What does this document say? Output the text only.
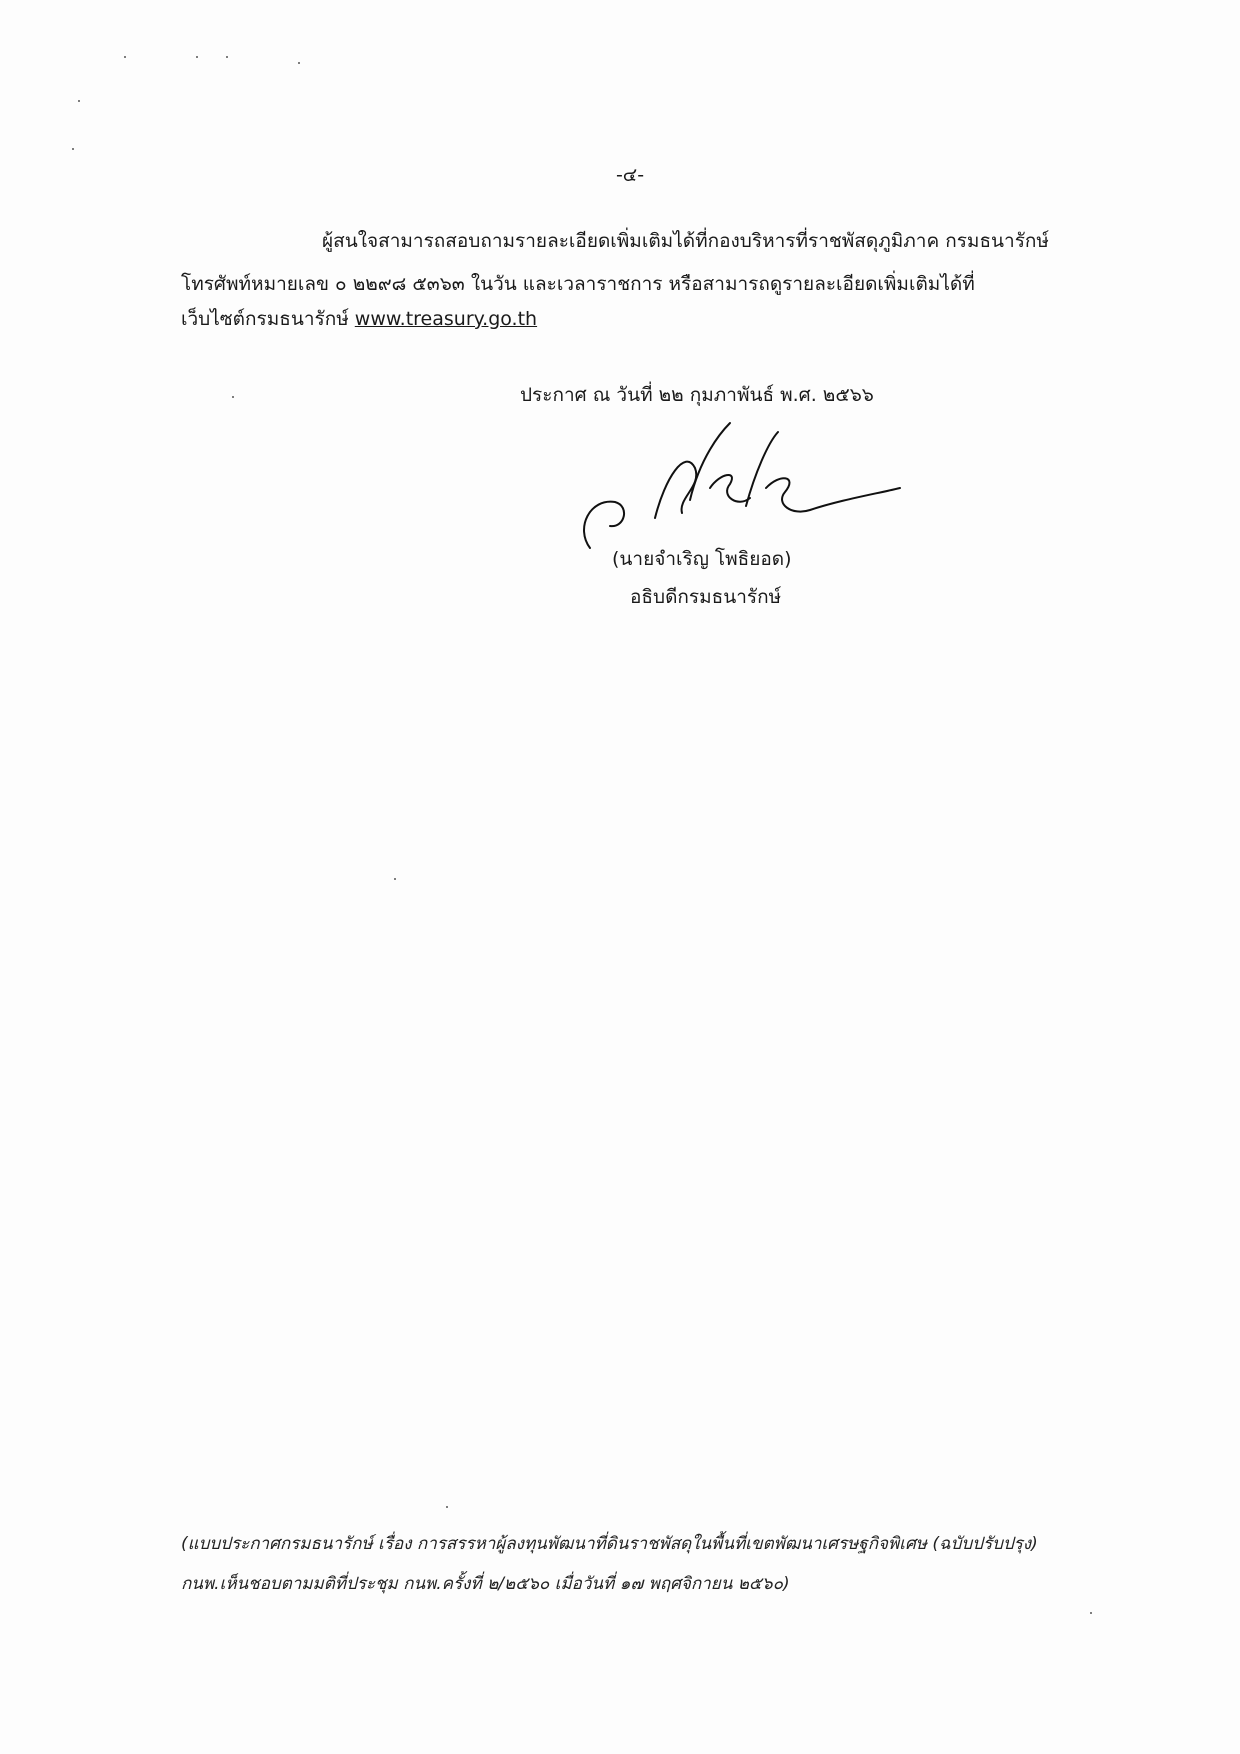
-๔-
ผู้สนใจสามารถสอบถามรายละเอียดเพิ่มเติมได้ที่กองบริหารที่ราชพัสดุภูมิภาค กรมธนารักษ์
โทรศัพท์หมายเลข ๐ ๒๒๙๘ ๕๓๖๓ ในวัน และเวลาราชการ หรือสามารถดูรายละเอียดเพิ่มเติมได้ที่
เว็บไซต์กรมธนารักษ์ www.treasury.go.th
ประกาศ ณ วันที่ ๒๒ กุมภาพันธ์ พ.ศ. ๒๕๖๖
(นายจำเริญ โพธิยอด)
อธิบดีกรมธนารักษ์
(แบบประกาศกรมธนารักษ์ เรื่อง การสรรหาผู้ลงทุนพัฒนาที่ดินราชพัสดุในพื้นที่เขตพัฒนาเศรษฐกิจพิเศษ (ฉบับปรับปรุง)
กนพ.เห็นชอบตามมติที่ประชุม กนพ.ครั้งที่ ๒/๒๕๖๐ เมื่อวันที่ ๑๗ พฤศจิกายน ๒๕๖๐)
